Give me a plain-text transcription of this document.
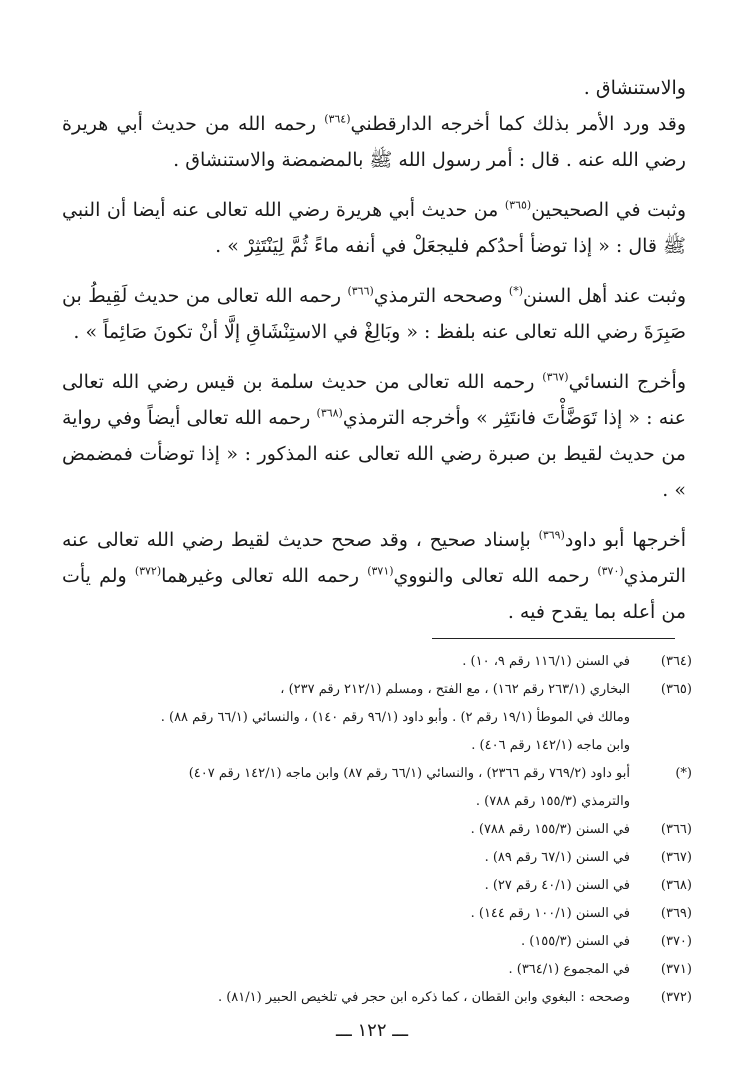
والاستنشاق .

وقد ورد الأمر بذلك كما أخرجه الدارقطني$^{(٣٦٤)}$ رحمه الله من حديث أبي هريرة رضي الله عنه . قال : أمر رسول الله ﷺ بالمضمضة والاستنشاق .

وثبت في الصحيحين$^{(٣٦٥)}$ من حديث أبي هريرة رضي الله تعالى عنه أيضا أن النبي ﷺ قال : « إذا توضأ أحدُكم فليجعَلْ في أنفه ماءً ثُمَّ لِيَنْتَثِرْ » .

وثبت عند أهل السنن(*) وصححه الترمذي$^{(٣٦٦)}$ رحمه الله تعالى من حديث لَقِيطُ بن صَبِرَةَ رضي الله تعالى عنه بلفظ : « وبَالِغْ في الاستِنْشَاقِ إلَّا أنْ تكونَ صَائِماً » .

وأخرج النسائي$^{(٣٦٧)}$ رحمه الله تعالى من حديث سلمة بن قيس رضي الله تعالى عنه : « إذا تَوَضَّأْتَ فانتَثِر » وأخرجه الترمذي$^{(٣٦٨)}$ رحمه الله تعالى أيضاً وفي رواية من حديث لقيط بن صبرة رضي الله تعالى عنه المذكور : « إذا توضأت فمضمض » .

أخرجها أبو داود$^{(٣٦٩)}$ بإسناد صحيح ، وقد صحح حديث لقيط رضي الله تعالى عنه الترمذي$^{(٣٧٠)}$ رحمه الله تعالى والنووي$^{(٣٧١)}$ رحمه الله تعالى وغيرهما$^{(٣٧٢)}$ ولم يأت من أعله بما يقدح فيه .

(٣٦٤)
في السنن (١١٦/١ رقم ٩، ١٠) .
(٣٦٥)
البخاري (٢٦٣/١ رقم ١٦٢) ، مع الفتح ، ومسلم (٢١٢/١ رقم ٢٣٧) ،
ومالك في الموطأ (١٩/١ رقم ٢) . وأبو داود (٩٦/١ رقم ١٤٠) ، والنسائي (٦٦/١ رقم ٨٨) .
وابن ماجه (١٤٢/١ رقم ٤٠٦) .
(*)
أبو داود (٧٦٩/٢ رقم ٢٣٦٦) ، والنسائي (٦٦/١ رقم ٨٧) وابن ماجه (١٤٢/١ رقم ٤٠٧)
والترمذي (١٥٥/٣ رقم ٧٨٨) .
(٣٦٦)
في السنن (١٥٥/٣ رقم ٧٨٨) .
(٣٦٧)
في السنن (٦٧/١ رقم ٨٩) .
(٣٦٨)
في السنن (٤٠/١ رقم ٢٧) .
(٣٦٩)
في السنن (١٠٠/١ رقم ١٤٤) .
(٣٧٠)
في السنن (١٥٥/٣) .
(٣٧١)
في المجموع (٣٦٤/١) .
(٣٧٢)
وصححه : البغوي وابن القطان ، كما ذكره ابن حجر في تلخيص الحبير (٨١/١) .
ـــ ١٢٢ ـــ
